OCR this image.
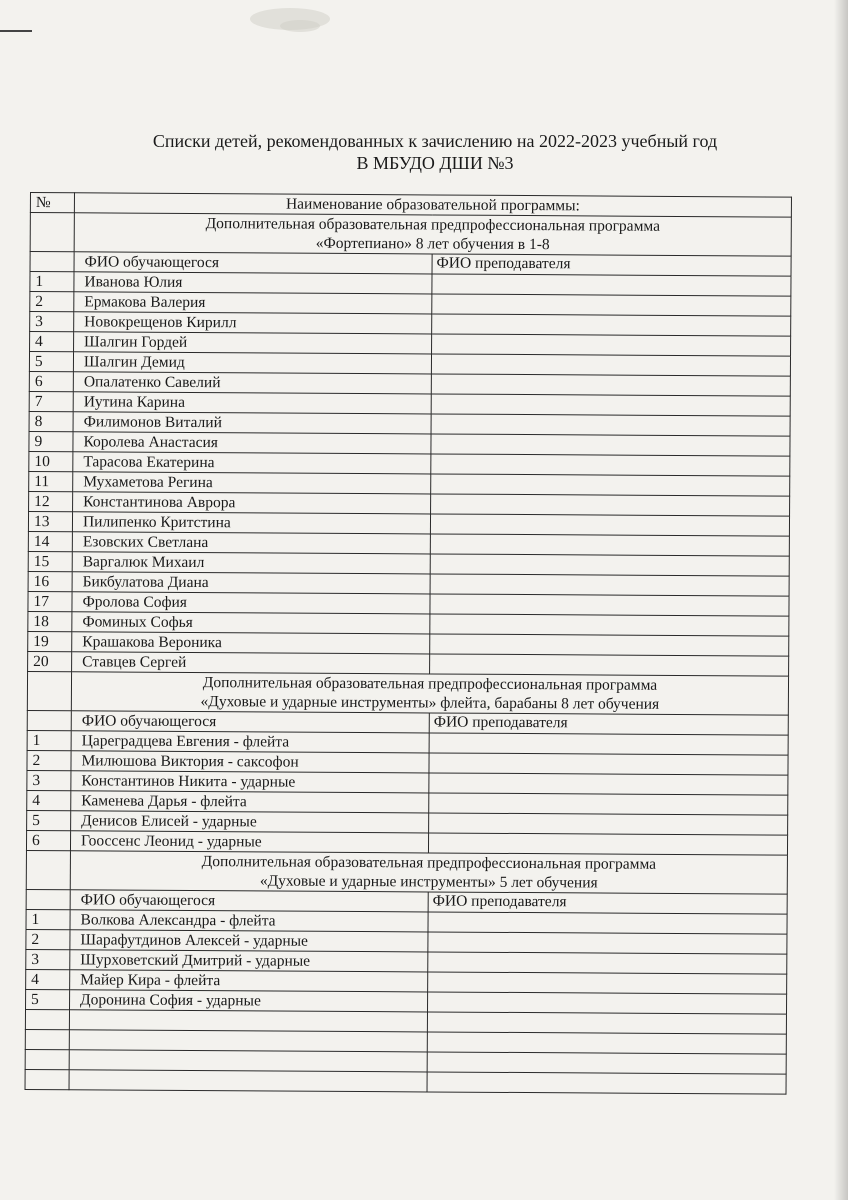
Списки детей, рекомендованных к зачислению на 2022-2023 учебный год
В МБУДО ДШИ №3
№	Наименование образовательной программы:	

	Дополнительная образовательная предпрофессиональная программа
«Фортепиано» 8 лет обучения в 1-8	

	ФИО обучающегося	ФИО преподавателя
1	Иванова Юлия	
2	Ермакова Валерия	
3	Новокрещенов Кирилл	
4	Шалгин Гордей	
5	Шалгин Демид	
6	Опалатенко Савелий	
7	Иутина Карина	
8	Филимонов Виталий	
9	Королева Анастасия	
10	Тарасова Екатерина	
11	Мухаметова Регина	
12	Константинова Аврора	
13	Пилипенко Критстина	
14	Езовских Светлана	
15	Варгалюк Михаил	
16	Бикбулатова Диана	
17	Фролова София	
18	Фоминых Софья	
19	Крашакова Вероника	
20	Ставцев Сергей	

	Дополнительная образовательная предпрофессиональная программа
«Духовые и ударные инструменты» флейта, барабаны 8 лет обучения	

	ФИО обучающегося	ФИО преподавателя
1	Цареградцева Евгения - флейта	
2	Милюшова Виктория - саксофон	
3	Константинов Никита - ударные	
4	Каменева Дарья - флейта	
5	Денисов Елисей - ударные	
6	Гооссенс Леонид - ударные	

	Дополнительная образовательная предпрофессиональная программа
«Духовые и ударные инструменты» 5 лет обучения	

	ФИО обучающегося	ФИО преподавателя
1	Волкова Александра - флейта	
2	Шарафутдинов Алексей - ударные	
3	Шурховетский Дмитрий - ударные	
4	Майер Кира - флейта	
5	Доронина София - ударные	
